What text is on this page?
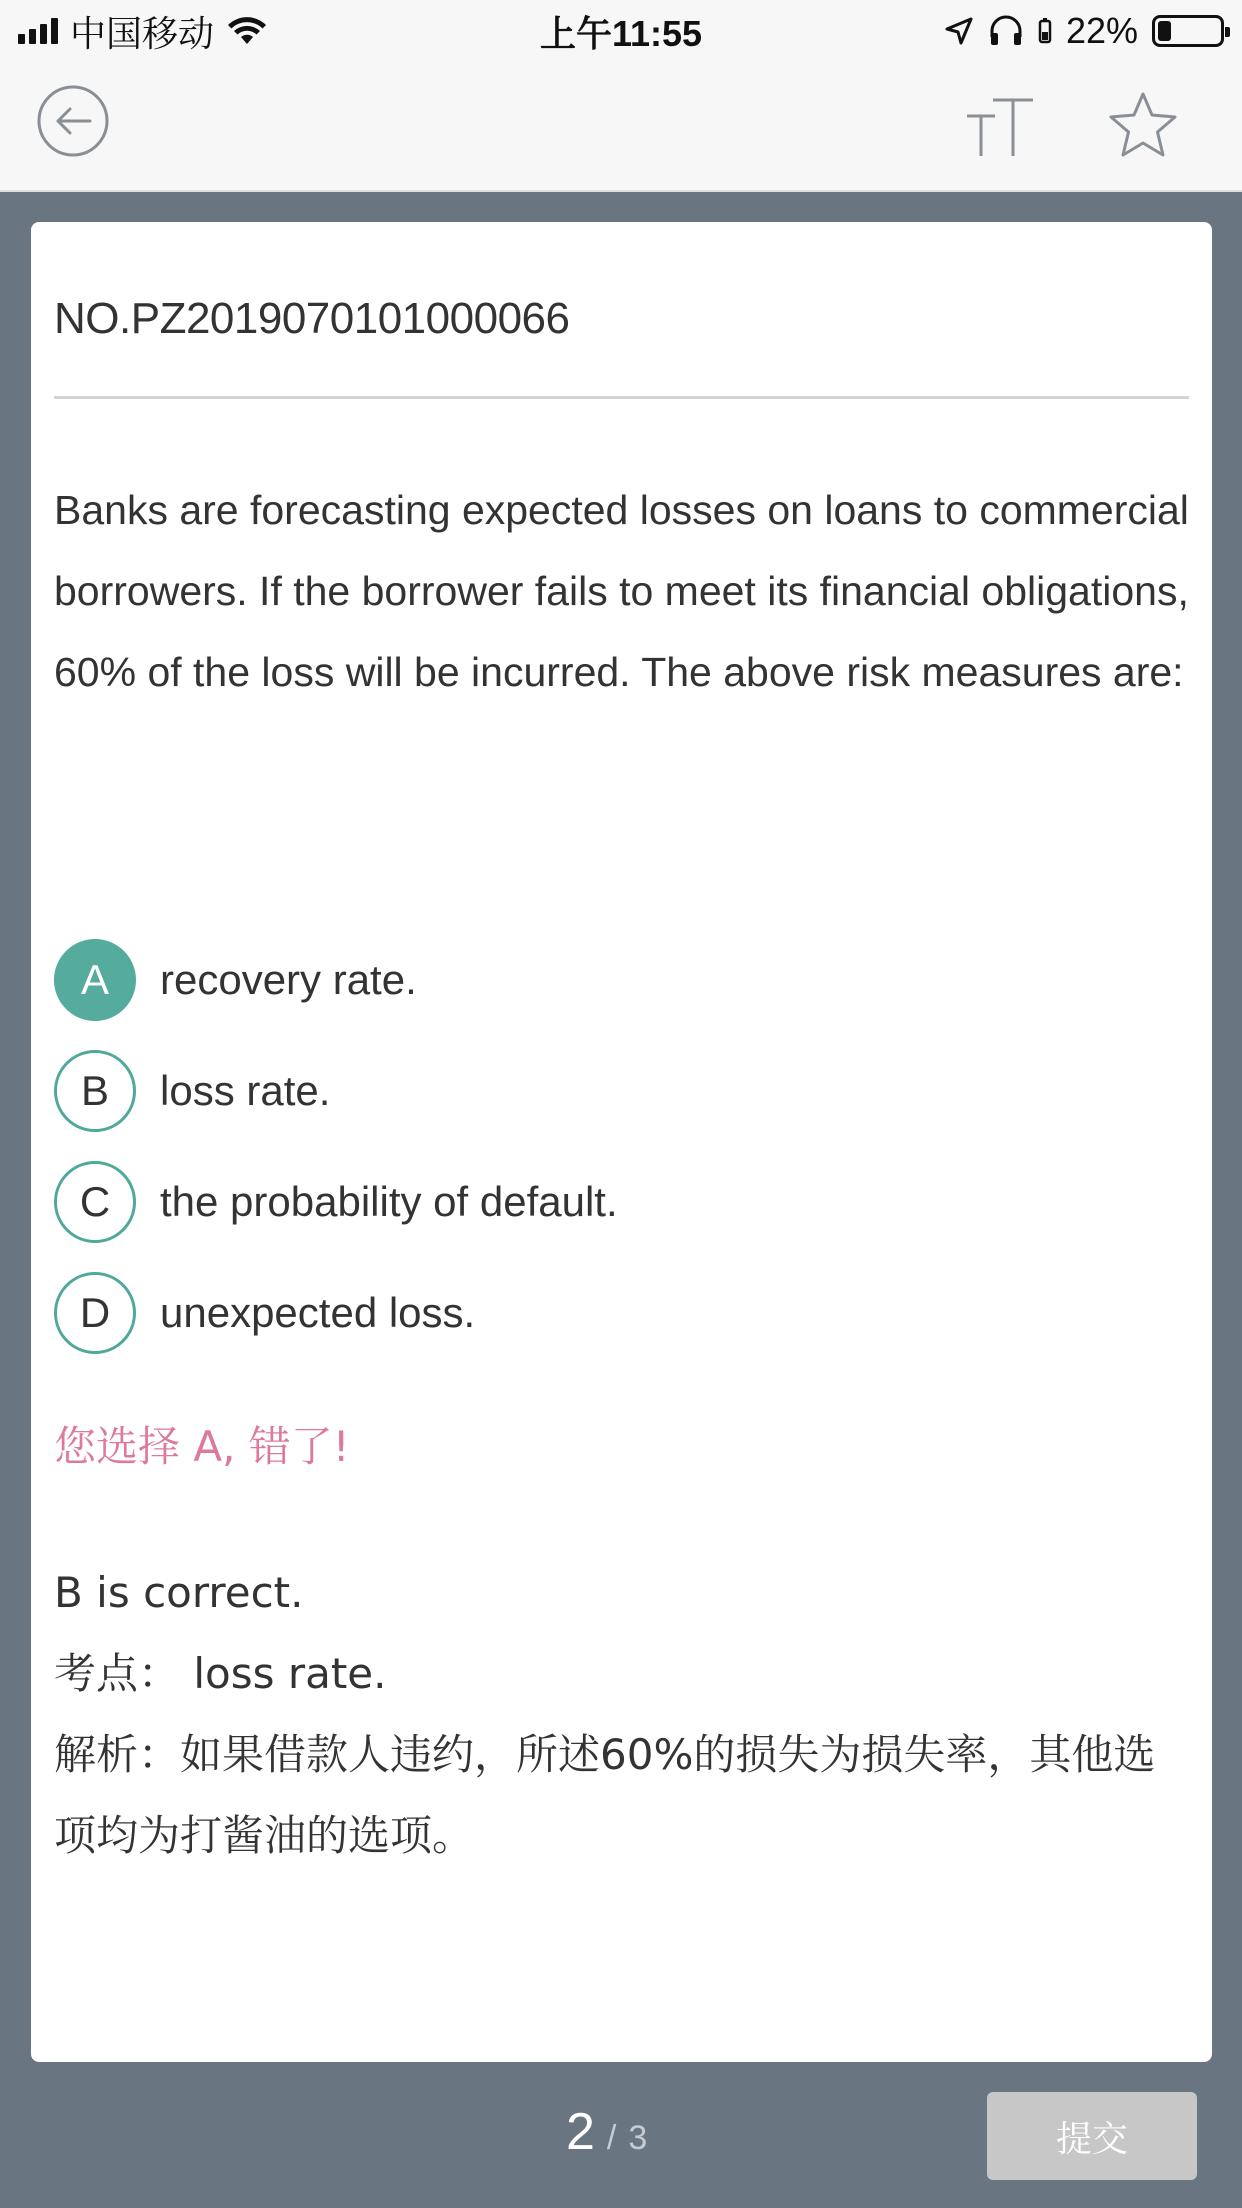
中国移动	上午11:55	22%
NO.PZ2019070101000066
Banks are forecasting expected losses on loans to commercial borrowers. If the borrower fails to meet its financial obligations, 60% of the loss will be incurred. The above risk measures are:
A	recovery rate.
B	loss rate.
C	the probability of default.
D	unexpected loss.
您选择 A, 错了!
B is correct.
考点： loss rate.
解析：如果借款人违约，所述60%的损失为损失率，其他选项均为打酱油的选项。
2 / 3	提交
